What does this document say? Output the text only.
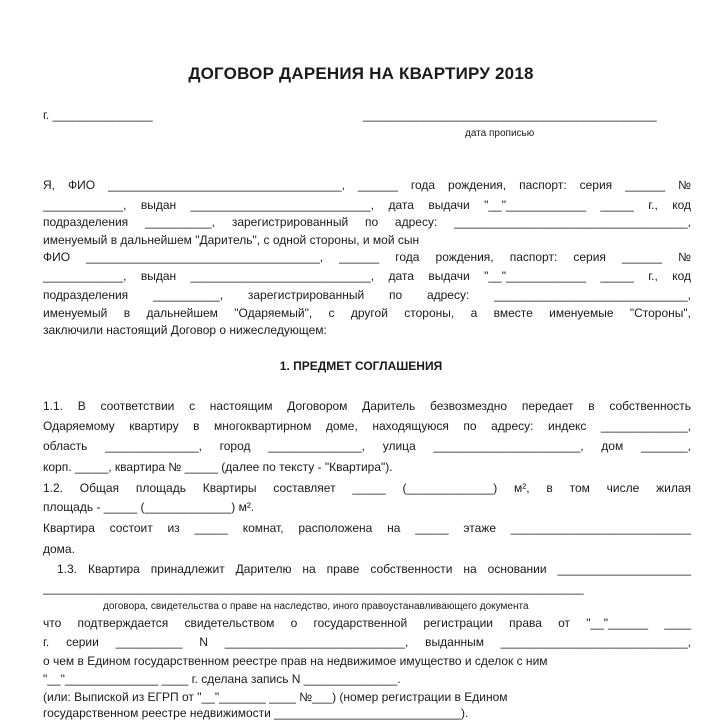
ДОГОВОР ДАРЕНИЯ НА КВАРТИРУ 2018
г. _______________	____________________________________________
дата прописью
Я, ФИО ___________________________________, ______ года рождения, паспорт: серия ______ №
____________, выдан ___________________________, дата выдачи "__"____________ _____ г., код
подразделения __________, зарегистрированный по адресу: ___________________________________,
именуемый в дальнейшем "Даритель", с одной стороны, и мой сын
ФИО ___________________________________, ______ года рождения, паспорт: серия ______ №
____________, выдан ___________________________, дата выдачи "__"____________ _____ г., код
подразделения __________, зарегистрированный по адресу: _____________________________,
именуемый в дальнейшем "Одаряемый", с другой стороны, а вместе именуемые "Стороны",
заключили настоящий Договор о нижеследующем:
1. ПРЕДМЕТ СОГЛАШЕНИЯ
1.1. В соответствии с настоящим Договором Даритель безвозмездно передает в собственность
Одаряемому квартиру в многоквартирном доме, находящуюся по адресу: индекс _____________,
область ______________, город ______________, улица ______________________, дом _______,
корп. _____, квартира № _____ (далее по тексту - "Квартира").
1.2. Общая площадь Квартиры составляет _____ (_____________) м², в том числе жилая
площадь - _____ (_____________) м².
Квартира состоит из _____ комнат, расположена на _____ этаже ___________________________
дома.
1.3. Квартира принадлежит Дарителю на праве собственности на основании ____________________
_________________________________________________________________________________
договора, свидетельства о праве на наследство, иного правоустанавливающего документа
что подтверждается свидетельством о государственной регистрации права от "__"______ ____
г. серии __________ N ___________________________, выданным ____________________________,
о чем в Едином государственном реестре прав на недвижимое имущество и сделок с ним
"__"______________ ____ г. сделана запись N ______________.
(или: Выпиской из ЕГРП от "__"_______ ____ №___) (номер регистрации в Едином
государственном реестре недвижимости ____________________________).
